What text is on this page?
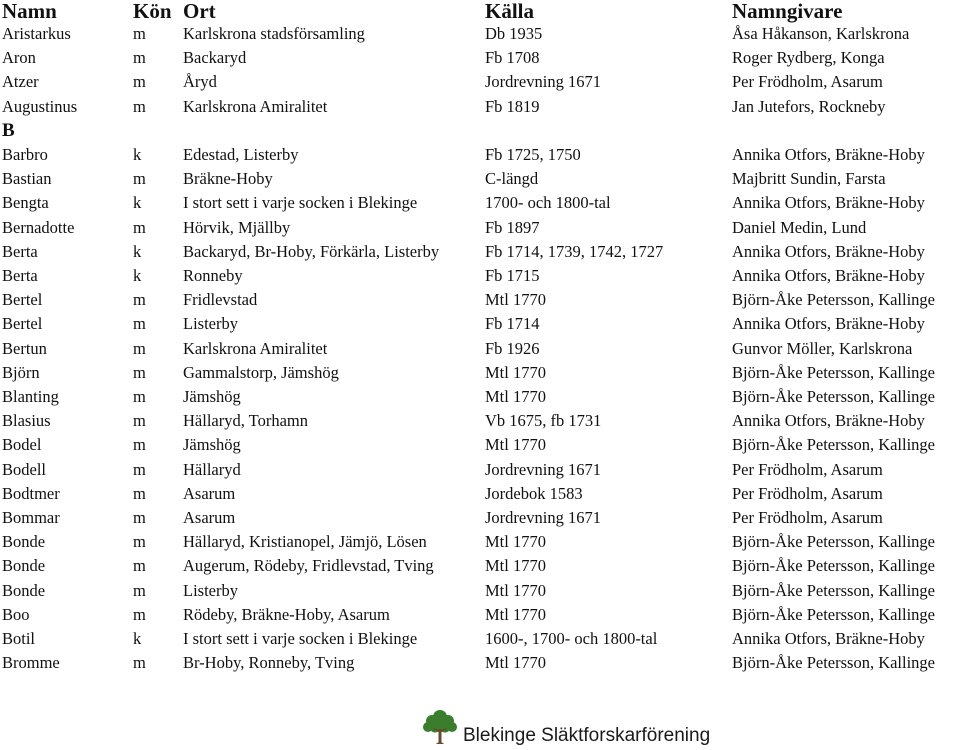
Namn	Kön	Ort	Källa	Namngivare
Aristarkus	m	Karlskrona stadsförsamling	Db 1935	Åsa Håkanson, Karlskrona
Aron	m	Backaryd	Fb 1708	Roger Rydberg, Konga
Atzer	m	Åryd	Jordrevning 1671	Per Frödholm, Asarum
Augustinus	m	Karlskrona Amiralitet	Fb 1819	Jan Jutefors, Rockneby
B				
Barbro	k	Edestad, Listerby	Fb 1725, 1750	Annika Otfors, Bräkne-Hoby
Bastian	m	Bräkne-Hoby	C-längd	Majbritt Sundin, Farsta
Bengta	k	I stort sett i varje socken i Blekinge	1700- och 1800-tal	Annika Otfors, Bräkne-Hoby
Bernadotte	m	Hörvik, Mjällby	Fb 1897	Daniel Medin, Lund
Berta	k	Backaryd, Br-Hoby, Förkärla, Listerby	Fb 1714, 1739, 1742, 1727	Annika Otfors, Bräkne-Hoby
Berta	k	Ronneby	Fb 1715	Annika Otfors, Bräkne-Hoby
Bertel	m	Fridlevstad	Mtl 1770	Björn-Åke Petersson, Kallinge
Bertel	m	Listerby	Fb 1714	Annika Otfors, Bräkne-Hoby
Bertun	m	Karlskrona Amiralitet	Fb 1926	Gunvor Möller, Karlskrona
Björn	m	Gammalstorp, Jämshög	Mtl 1770	Björn-Åke Petersson, Kallinge
Blanting	m	Jämshög	Mtl 1770	Björn-Åke Petersson, Kallinge
Blasius	m	Hällaryd, Torhamn	Vb 1675, fb 1731	Annika Otfors, Bräkne-Hoby
Bodel	m	Jämshög	Mtl 1770	Björn-Åke Petersson, Kallinge
Bodell	m	Hällaryd	Jordrevning 1671	Per Frödholm, Asarum
Bodtmer	m	Asarum	Jordebok 1583	Per Frödholm, Asarum
Bommar	m	Asarum	Jordrevning 1671	Per Frödholm, Asarum
Bonde	m	Hällaryd, Kristianopel, Jämjö, Lösen	Mtl 1770	Björn-Åke Petersson, Kallinge
Bonde	m	Augerum, Rödeby, Fridlevstad, Tving	Mtl 1770	Björn-Åke Petersson, Kallinge
Bonde	m	Listerby	Mtl 1770	Björn-Åke Petersson, Kallinge
Boo	m	Rödeby, Bräkne-Hoby, Asarum	Mtl 1770	Björn-Åke Petersson, Kallinge
Botil	k	I stort sett i varje socken i Blekinge	1600-, 1700- och 1800-tal	Annika Otfors, Bräkne-Hoby
Bromme	m	Br-Hoby, Ronneby, Tving	Mtl 1770	Björn-Åke Petersson, Kallinge
Blekinge Släktforskarförening
